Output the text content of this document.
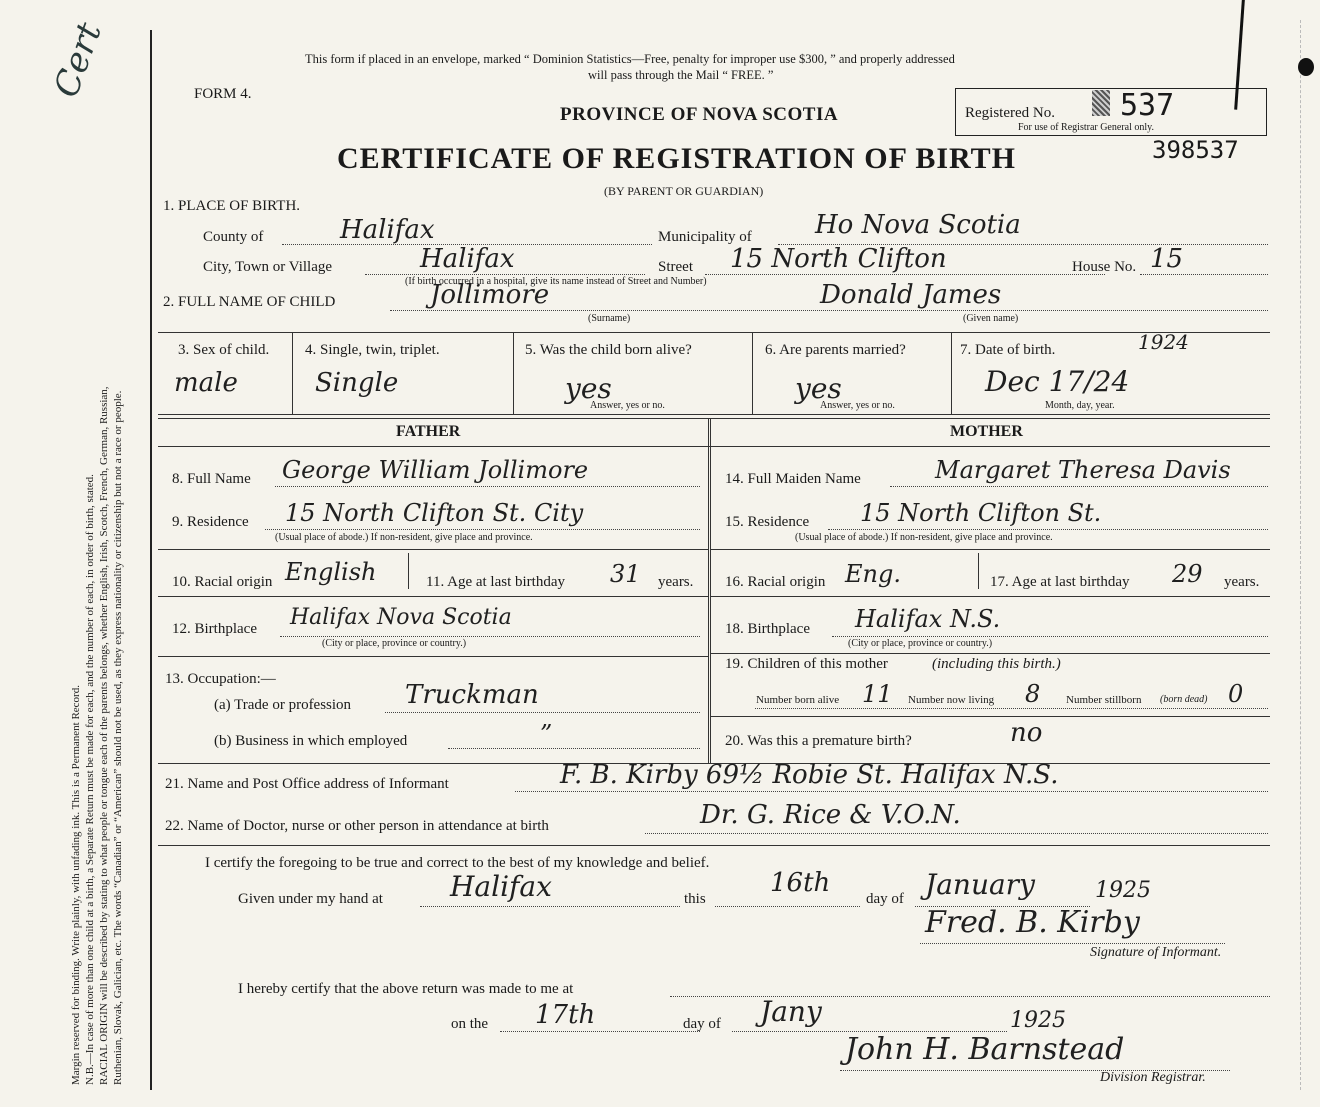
Cert
Margin reserved for binding. Write plainly, with unfading ink. This is a Permanent Record. N.B.—In case of more than one child at a birth, a Separate Return must be made for each, and the number of each, in order of birth, stated. RACIAL ORIGIN will be described by stating to what people or tongue each of the parents belongs, whether English, Irish, Scotch, French, German, Russian, Ruthenian, Slovak, Galician, etc. The words “Canadian” or “American” should not be used, as they express nationality or citizenship but not a race or people.
This form if placed in an envelope, marked “ Dominion Statistics—Free, penalty for improper use $300, ” and properly addressed
will pass through the Mail “ FREE. ”
FORM 4.
PROVINCE OF NOVA SCOTIA
CERTIFICATE OF REGISTRATION OF BIRTH
(BY PARENT OR GUARDIAN)
Registered No. 537
For use of Registrar General only.
398537
1. PLACE OF BIRTH.
County of	Halifax	Municipality of Ho Nova Scotia
City, Town or Village	Halifax	Street 15 North Clifton	House No. 15
(If birth occurred in a hospital, give its name instead of Street and Number)
2. FULL NAME OF CHILD	Jollimore	Donald James
(Surname)	(Given name)
3. Sex of child.
male
4. Single, twin, triplet.
Single
5. Was the child born alive?
yes
Answer, yes or no.
6. Are parents married?
yes
Answer, yes or no.
7. Date of birth.	1924
Dec 17/24
Month, day, year.
FATHER	MOTHER
8. Full Name George William Jollimore
9. Residence 15 North Clifton St. City
(Usual place of abode.) If non-resident, give place and province.
10. Racial origin English	11. Age at last birthday 31 years.
12. Birthplace Halifax Nova Scotia
(City or place, province or country.)
13. Occupation:—
(a) Trade or profession Truckman
(b) Business in which employed	”
14. Full Maiden Name	Margaret Theresa Davis
15. Residence 15 North Clifton St.
(Usual place of abode.) If non-resident, give place and province.
16. Racial origin Eng.	17. Age at last birthday 29 years.
18. Birthplace Halifax N.S.
(City or place, province or country.)
19. Children of this mother	(including this birth.)
Number born alive 11 Number now living 8 Number stillborn (born dead) 0
20. Was this a premature birth?	no
21. Name and Post Office address of Informant	F. B. Kirby 69½ Robie St. Halifax N.S.
22. Name of Doctor, nurse or other person in attendance at birth	Dr. G. Rice & V.O.N.
I certify the foregoing to be true and correct to the best of my knowledge and belief.
Given under my hand at Halifax	this
16th
day of January	1925
Fred. B. Kirby
Signature of Informant.
I hereby certify that the above return was made to me at
on the 17th	day of Jany	1925
John H. Barnstead
Division Registrar.
